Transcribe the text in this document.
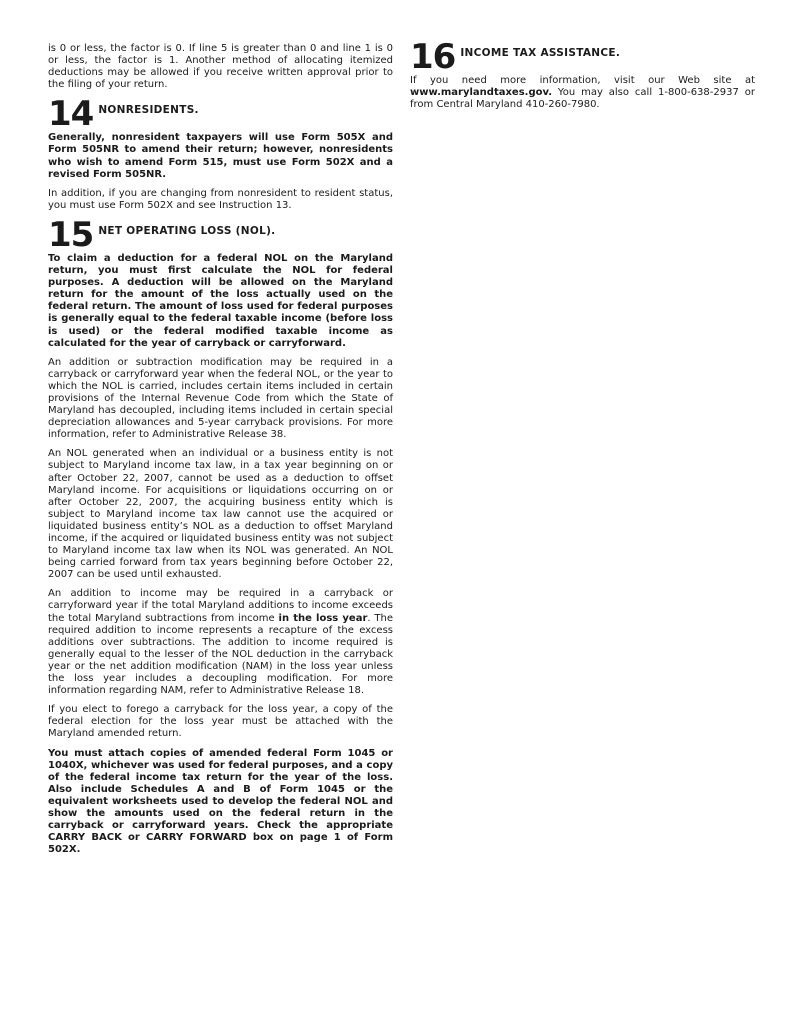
is 0 or less, the factor is 0. If line 5 is greater than 0 and line 1 is 0 or less, the factor is 1. Another method of allocating itemized deductions may be allowed if you receive written approval prior to the filing of your return.

14 NONRESIDENTS.

Generally, nonresident taxpayers will use Form 505X and Form 505NR to amend their return; however, nonresidents who wish to amend Form 515, must use Form 502X and a revised Form 505NR.

In addition, if you are changing from nonresident to resident status, you must use Form 502X and see Instruction 13.

15 NET OPERATING LOSS (NOL).

To claim a deduction for a federal NOL on the Maryland return, you must first calculate the NOL for federal purposes. A deduction will be allowed on the Maryland return for the amount of the loss actually used on the federal return. The amount of loss used for federal purposes is generally equal to the federal taxable income (before loss is used) or the federal modified taxable income as calculated for the year of carryback or carryforward.

An addition or subtraction modification may be required in a carryback or carryforward year when the federal NOL, or the year to which the NOL is carried, includes certain items included in certain provisions of the Internal Revenue Code from which the State of Maryland has decoupled, including items included in certain special depreciation allowances and 5-year carryback provisions. For more information, refer to Administrative Release 38.

An NOL generated when an individual or a business entity is not subject to Maryland income tax law, in a tax year beginning on or after October 22, 2007, cannot be used as a deduction to offset Maryland income. For acquisitions or liquidations occurring on or after October 22, 2007, the acquiring business entity which is subject to Maryland income tax law cannot use the acquired or liquidated business entity’s NOL as a deduction to offset Maryland income, if the acquired or liquidated business entity was not subject to Maryland income tax law when its NOL was generated. An NOL being carried forward from tax years beginning before October 22, 2007 can be used until exhausted.

An addition to income may be required in a carryback or carryforward year if the total Maryland additions to income exceeds the total Maryland subtractions from income in the loss year. The required addition to income represents a recapture of the excess additions over subtractions. The addition to income required is generally equal to the lesser of the NOL deduction in the carryback year or the net addition modification (NAM) in the loss year unless the loss year includes a decoupling modification. For more information regarding NAM, refer to Administrative Release 18.

If you elect to forego a carryback for the loss year, a copy of the federal election for the loss year must be attached with the Maryland amended return.

You must attach copies of amended federal Form 1045 or 1040X, whichever was used for federal purposes, and a copy of the federal income tax return for the year of the loss. Also include Schedules A and B of Form 1045 or the equivalent worksheets used to develop the federal NOL and show the amounts used on the federal return in the carryback or carryforward years. Check the appropriate CARRY BACK or CARRY FORWARD box on page 1 of Form 502X.

16 INCOME TAX ASSISTANCE.

If you need more information, visit our Web site at www.marylandtaxes.gov. You may also call 1-800-638-2937 or from Central Maryland 410-260-7980.
